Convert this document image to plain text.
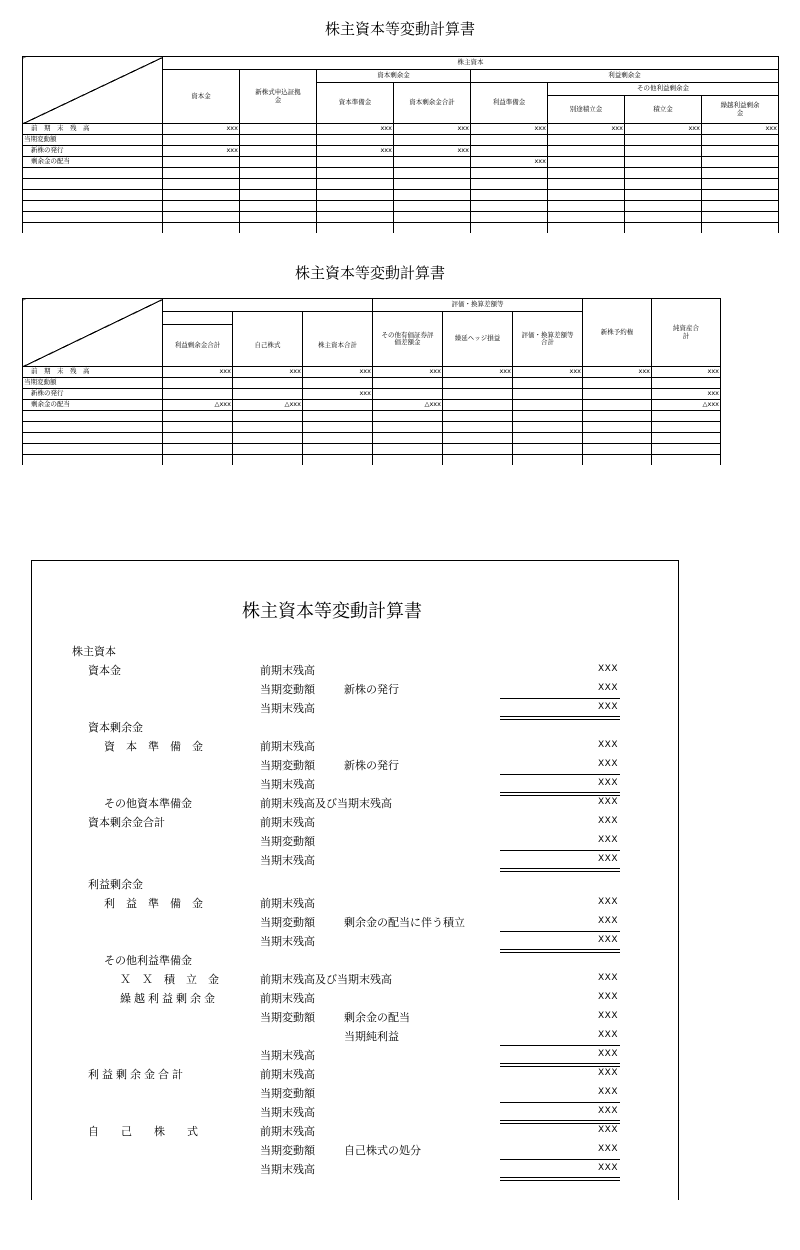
株主資本等変動計算書
	株主資本							
	資本金	新株式申込証拠金	資本剰余金		利益剰余金			
			資本準備金	資本剰余金合計	利益準備金	その他利益剰余金		
						別途積立金	積立金	繰越利益剰余金
前　期　末　残　高	xxx		xxx	xxx	xxx	xxx	xxx	xxx
当期変動額								
新株の発行	xxx		xxx	xxx				
剰余金の配当					xxx			

株主資本等変動計算書
				評価・換算差額等			新株予約権	純資産合計
				その他有価証券評価差額金	繰延ヘッジ損益	評価・換算差額等合計		
	利益剰余金合計	自己株式	株主資本合計					
前　期　末　残　高	xxx	xxx	xxx	xxx	xxx	xxx	xxx	xxx
当期変動額								
新株の発行			xxx					xxx
剰余金の配当	△xxx	△xxx		△xxx				△xxx

株主資本等変動計算書
株主資本
資本金	前期末残高	XXX
当期変動額	新株の発行	XXX
当期末残高	XXX
資本剰余金
資　本　準　備　金	前期末残高	XXX
当期変動額	新株の発行	XXX
当期末残高	XXX
その他資本準備金	前期末残高及び当期末残高	XXX
資本剰余金合計	前期末残高	XXX
当期変動額	XXX
当期末残高	XXX
利益剰余金
利　益　準　備　金	前期末残高	XXX
当期変動額	剰余金の配当に伴う積立	XXX
当期末残高	XXX
その他利益準備金
Ｘ　Ｘ　積　立　金	前期末残高及び当期末残高	XXX
繰越利益剰余金	前期末残高	XXX
当期変動額	剰余金の配当	XXX
当期純利益	XXX
当期末残高	XXX
利益剰余金合計	前期末残高	XXX
当期変動額	XXX
当期末残高	XXX
自　　己　　株　　式	前期末残高	XXX
当期変動額	自己株式の処分	XXX
当期末残高	XXX
